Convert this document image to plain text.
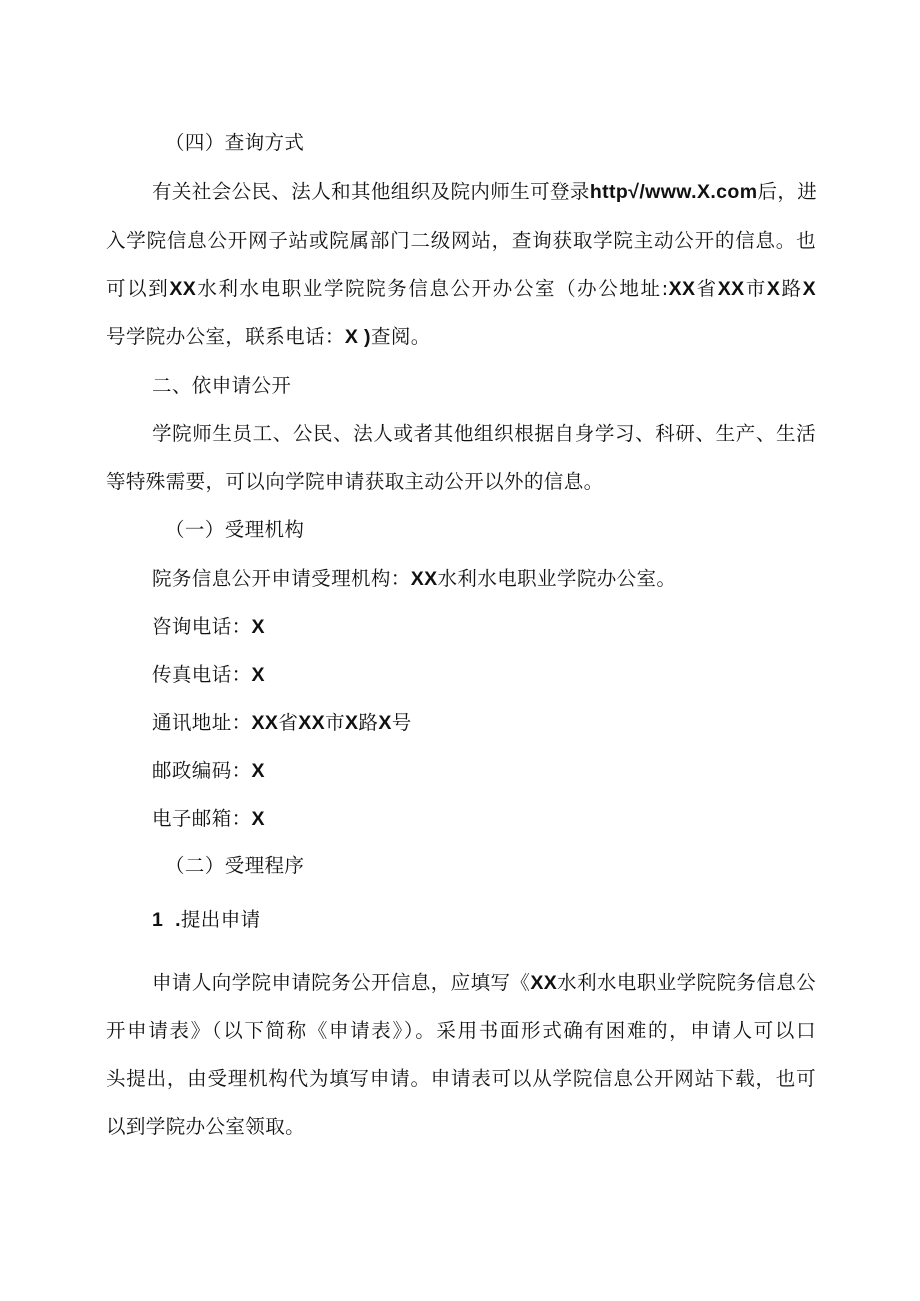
（四）查询方式
有关社会公民、法人和其他组织及院内师生可登录http√/www.X.com后，进
入学院信息公开网子站或院属部门二级网站，查询获取学院主动公开的信息。也
可以到XX水利水电职业学院院务信息公开办公室（办公地址:XX省XX市X路X
号学院办公室，联系电话：X )查阅。
二、依申请公开
学院师生员工、公民、法人或者其他组织根据自身学习、科研、生产、生活
等特殊需要，可以向学院申请获取主动公开以外的信息。
（一）受理机构
院务信息公开申请受理机构：XX水利水电职业学院办公室。
咨询电话：X
传真电话：X
通讯地址：XX省XX市X路X号
邮政编码：X
电子邮箱：X
（二）受理程序
1 .提出申请
申请人向学院申请院务公开信息，应填写《XX水利水电职业学院院务信息公
开申请表》（以下简称《申请表》）。采用书面形式确有困难的，申请人可以口
头提出，由受理机构代为填写申请。申请表可以从学院信息公开网站下载，也可
以到学院办公室领取。
